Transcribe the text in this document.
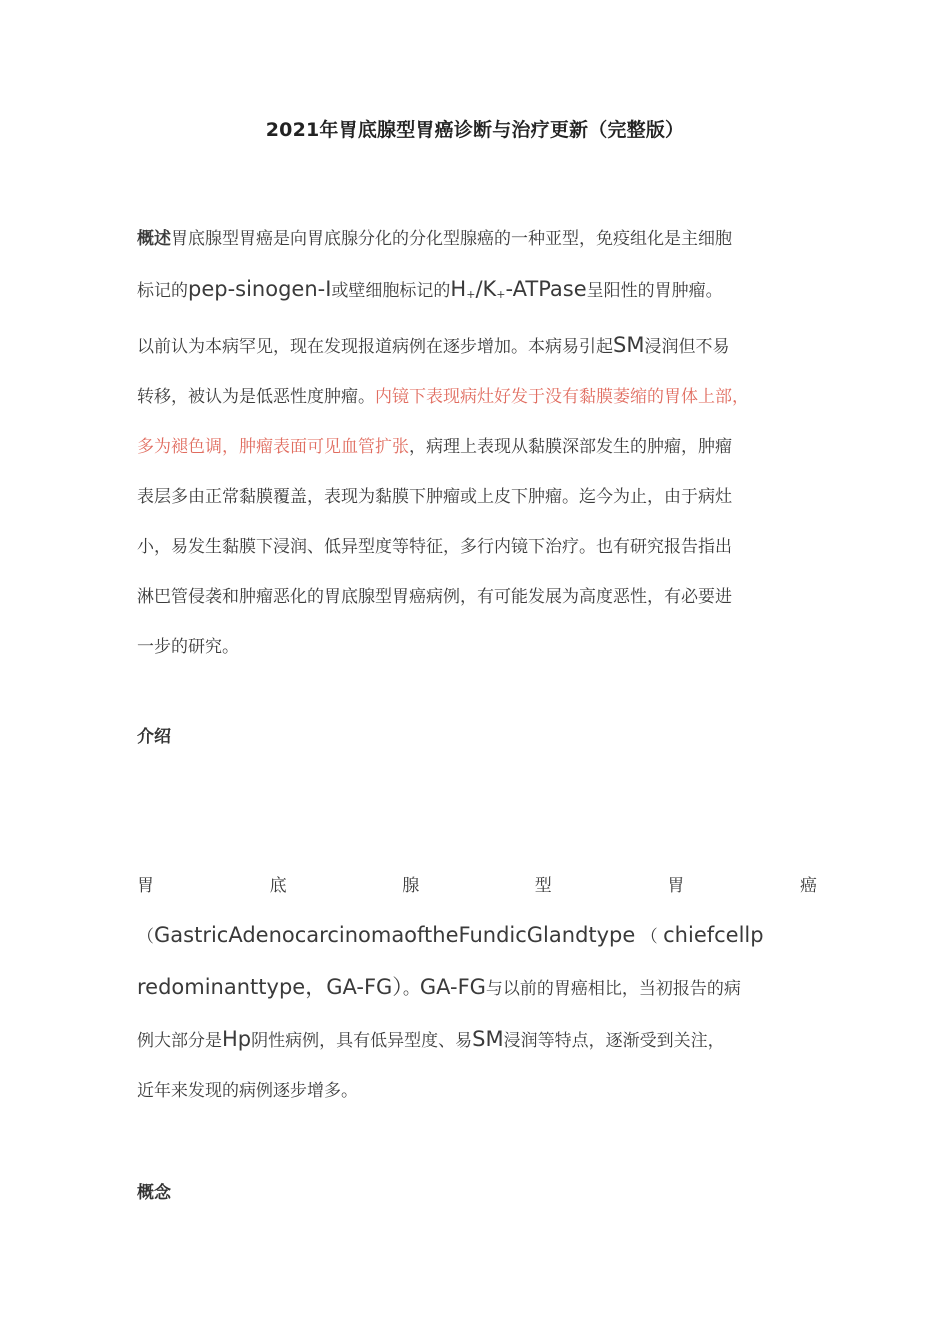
2021年胃底腺型胃癌诊断与治疗更新（完整版）
概述胃底腺型胃癌是向胃底腺分化的分化型腺癌的一种亚型，免疫组化是主细胞
标记的pep-sinogen-I或壁细胞标记的H+/K+-ATPase呈阳性的胃肿瘤。
以前认为本病罕见，现在发现报道病例在逐步增加。本病易引起SM浸润但不易
转移，被认为是低恶性度肿瘤。内镜下表现病灶好发于没有黏膜萎缩的胃体上部，
多为褪色调，肿瘤表面可见血管扩张，病理上表现从黏膜深部发生的肿瘤，肿瘤
表层多由正常黏膜覆盖，表现为黏膜下肿瘤或上皮下肿瘤。迄今为止，由于病灶
小，易发生黏膜下浸润、低异型度等特征，多行内镜下治疗。也有研究报告指出
淋巴管侵袭和肿瘤恶化的胃底腺型胃癌病例，有可能发展为高度恶性，有必要进
一步的研究。
介绍
胃	底	腺	型	胃	癌
（GastricAdenocarcinomaoftheFundicGlandtype （ chiefcellp
redominanttype，GA-FG）。GA-FG与以前的胃癌相比，当初报告的病
例大部分是Hp阴性病例，具有低异型度、易SM浸润等特点，逐渐受到关注，
近年来发现的病例逐步增多。
概念
